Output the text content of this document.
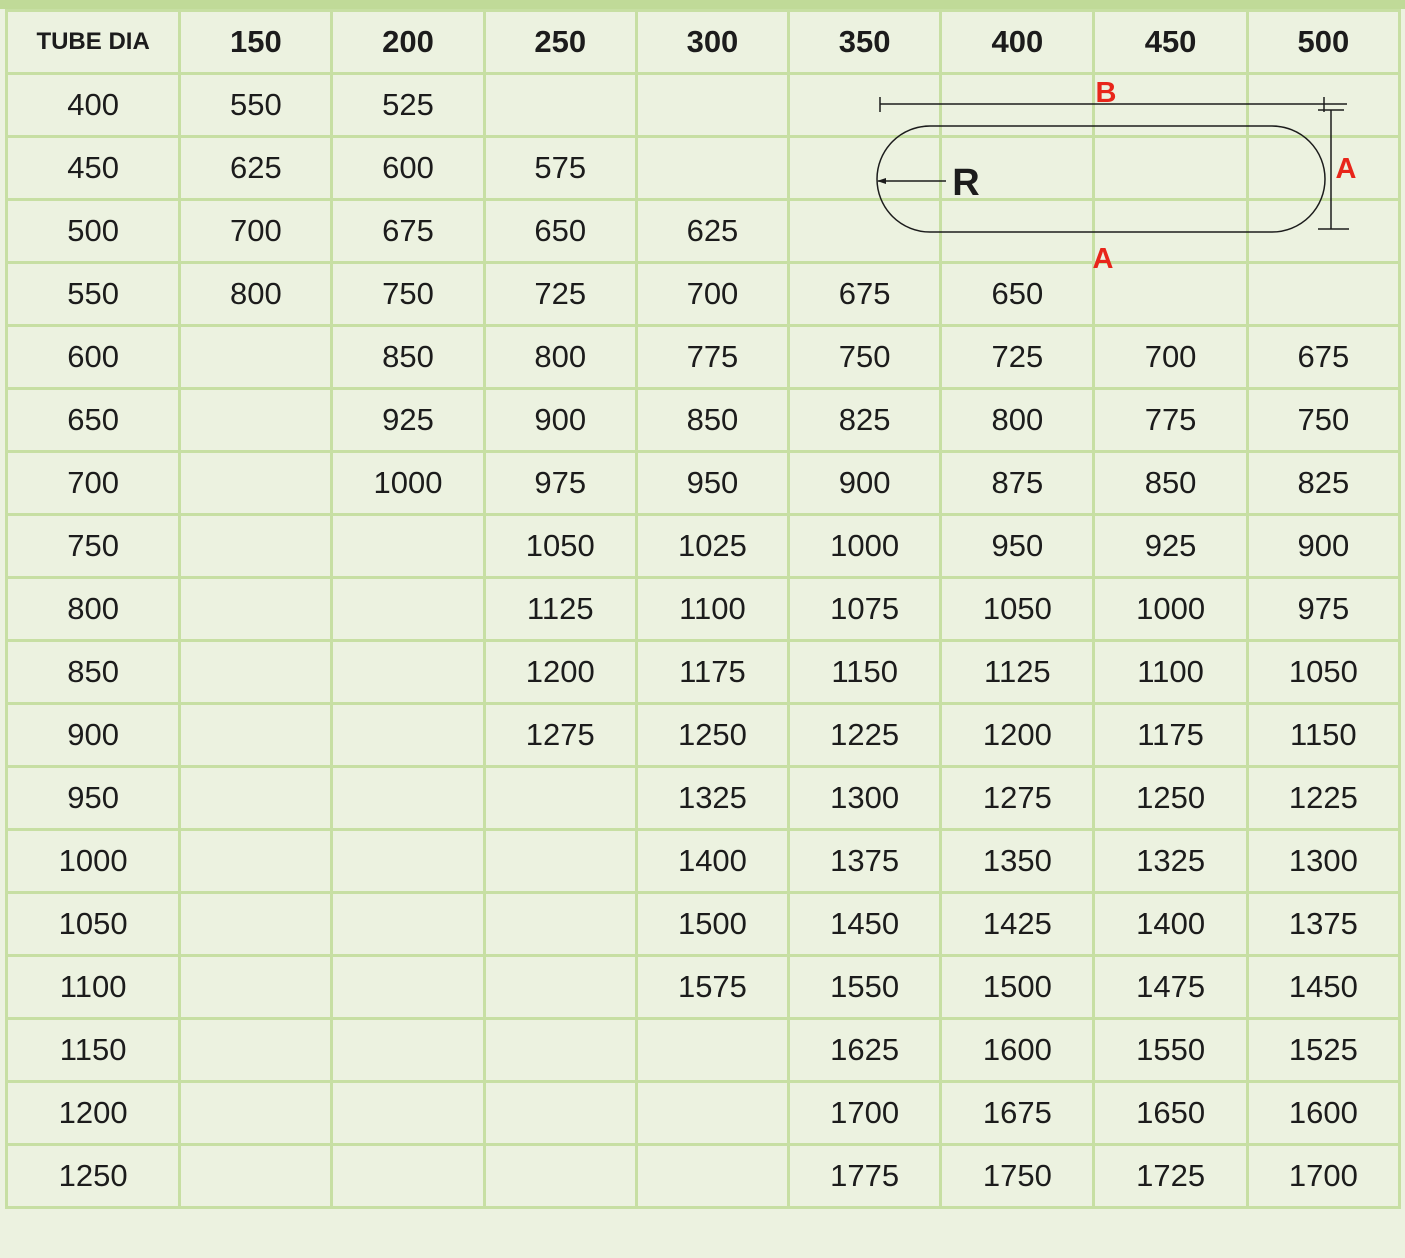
TUBE DIA	150	200	250	300	350	400	450	500
400	550	525						
450	625	600	575					
500	700	675	650	625				
550	800	750	725	700	675	650		
600		850	800	775	750	725	700	675
650		925	900	850	825	800	775	750
700		1000	975	950	900	875	850	825
750			1050	1025	1000	950	925	900
800			1125	1100	1075	1050	1000	975
850			1200	1175	1150	1125	1100	1050
900			1275	1250	1225	1200	1175	1150
950				1325	1300	1275	1250	1225
1000				1400	1375	1350	1325	1300
1050				1500	1450	1425	1400	1375
1100				1575	1550	1500	1475	1450
1150					1625	1600	1550	1525
1200					1700	1675	1650	1600
1250					1775	1750	1725	1700
B
A
A
R
